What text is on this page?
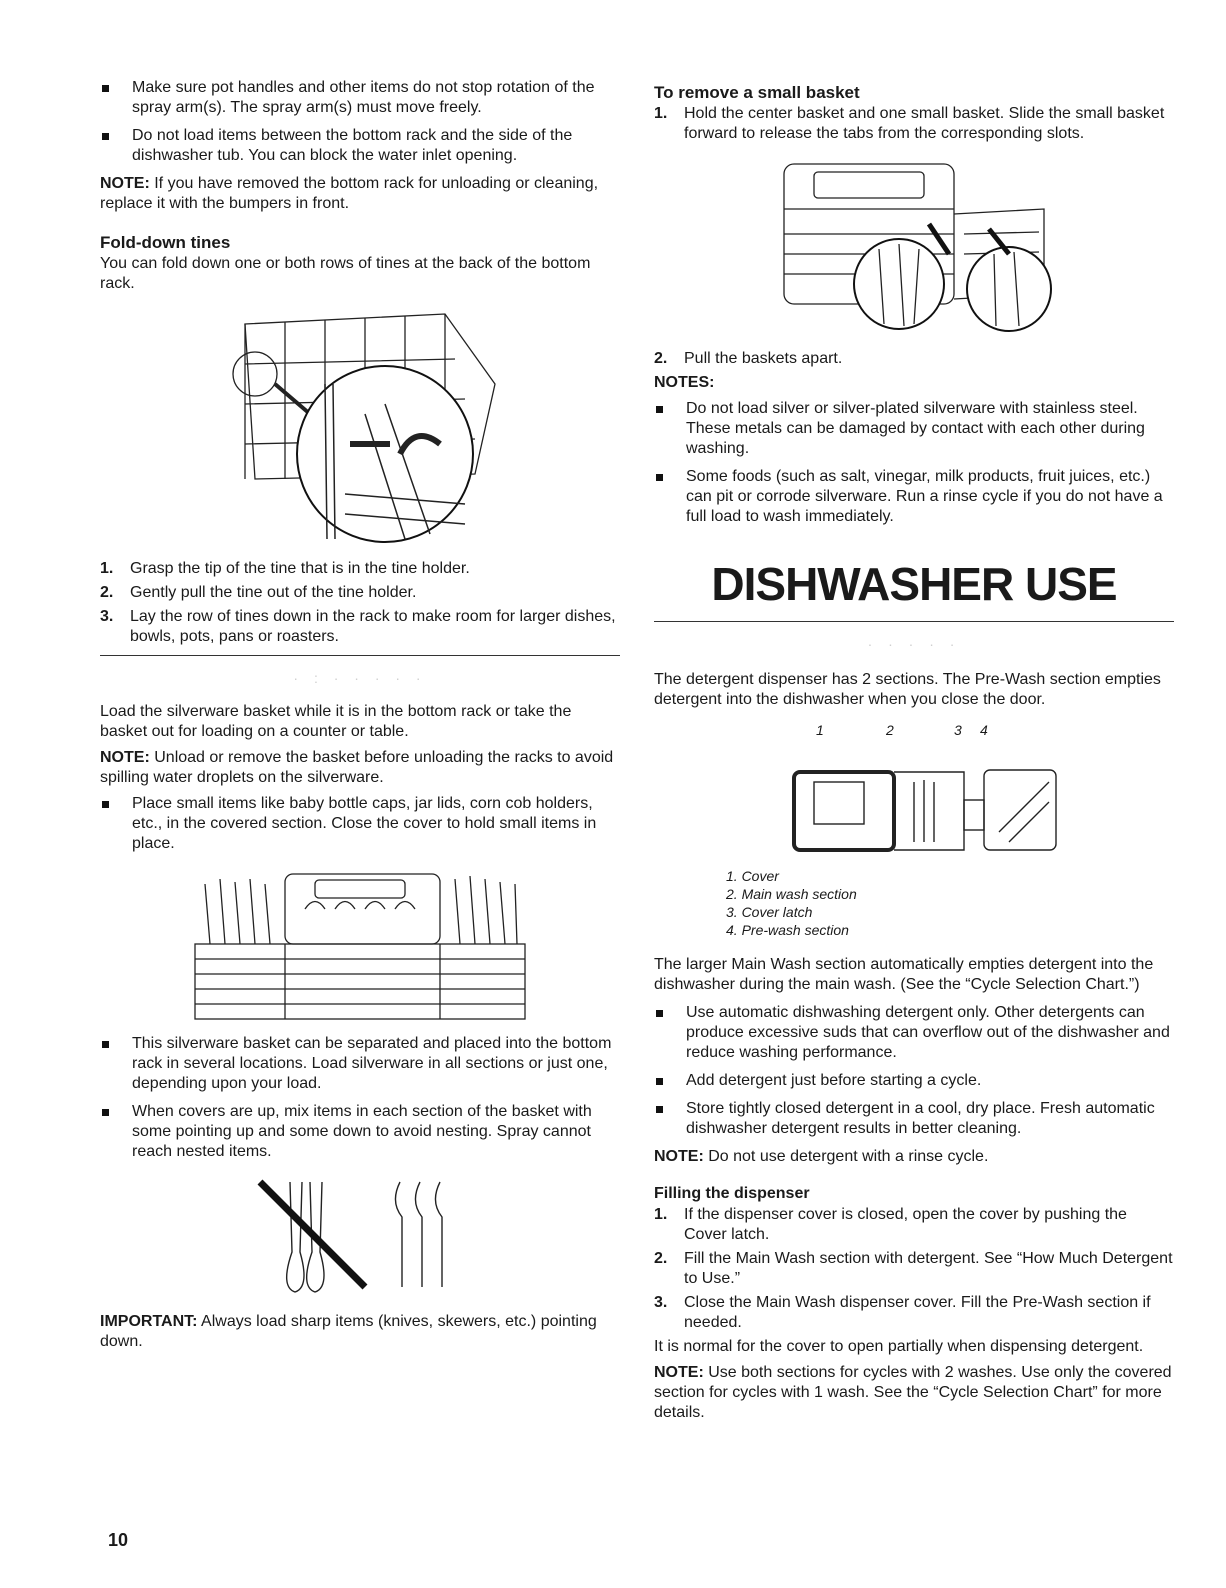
Make sure pot handles and other items do not stop rotation of the spray arm(s). The spray arm(s) must move freely.
Do not load items between the bottom rack and the side of the dishwasher tub. You can block the water inlet opening.

NOTE: If you have removed the bottom rack for unloading or cleaning, replace it with the bumpers in front.

Fold-down tines

You can fold down one or both rows of tines at the back of the bottom rack.

1. Grasp the tip of the tine that is in the tine holder.
2. Gently pull the tine out of the tine holder.
3. Lay the row of tines down in the rack to make room for larger dishes, bowls, pots, pans or roasters.
· : · · · · ·

Load the silverware basket while it is in the bottom rack or take the basket out for loading on a counter or table.

NOTE: Unload or remove the basket before unloading the racks to avoid spilling water droplets on the silverware.

Place small items like baby bottle caps, jar lids, corn cob holders, etc., in the covered section. Close the cover to hold small items in place.
This silverware basket can be separated and placed into the bottom rack in several locations. Load silverware in all sections or just one, depending upon your load.
When covers are up, mix items in each section of the basket with some pointing up and some down to avoid nesting. Spray cannot reach nested items.

IMPORTANT: Always load sharp items (knives, skewers, etc.) pointing down.

To remove a small basket
1. Hold the center basket and one small basket. Slide the small basket forward to release the tabs from the corresponding slots.
2. Pull the baskets apart.

NOTES:

Do not load silver or silver-plated silverware with stainless steel. These metals can be damaged by contact with each other during washing.
Some foods (such as salt, vinegar, milk products, fruit juices, etc.) can pit or corrode silverware. Run a rinse cycle if you do not have a full load to wash immediately.
DISHWASHER USE
· · · · ·

The detergent dispenser has 2 sections. The Pre-Wash section empties detergent into the dishwasher when you close the door.

1	2	3 4
1. Cover
2. Main wash section
3. Cover latch
4. Pre-wash section

The larger Main Wash section automatically empties detergent into the dishwasher during the main wash. (See the “Cycle Selection Chart.”)

Use automatic dishwashing detergent only. Other detergents can produce excessive suds that can overflow out of the dishwasher and reduce washing performance.
Add detergent just before starting a cycle.
Store tightly closed detergent in a cool, dry place. Fresh automatic dishwasher detergent results in better cleaning.

NOTE: Do not use detergent with a rinse cycle.

Filling the dispenser
1. If the dispenser cover is closed, open the cover by pushing the Cover latch.
2. Fill the Main Wash section with detergent. See “How Much Detergent to Use.”
3. Close the Main Wash dispenser cover. Fill the Pre-Wash section if needed.

It is normal for the cover to open partially when dispensing detergent.

NOTE: Use both sections for cycles with 2 washes. Use only the covered section for cycles with 1 wash. See the “Cycle Selection Chart” for more details.

10
